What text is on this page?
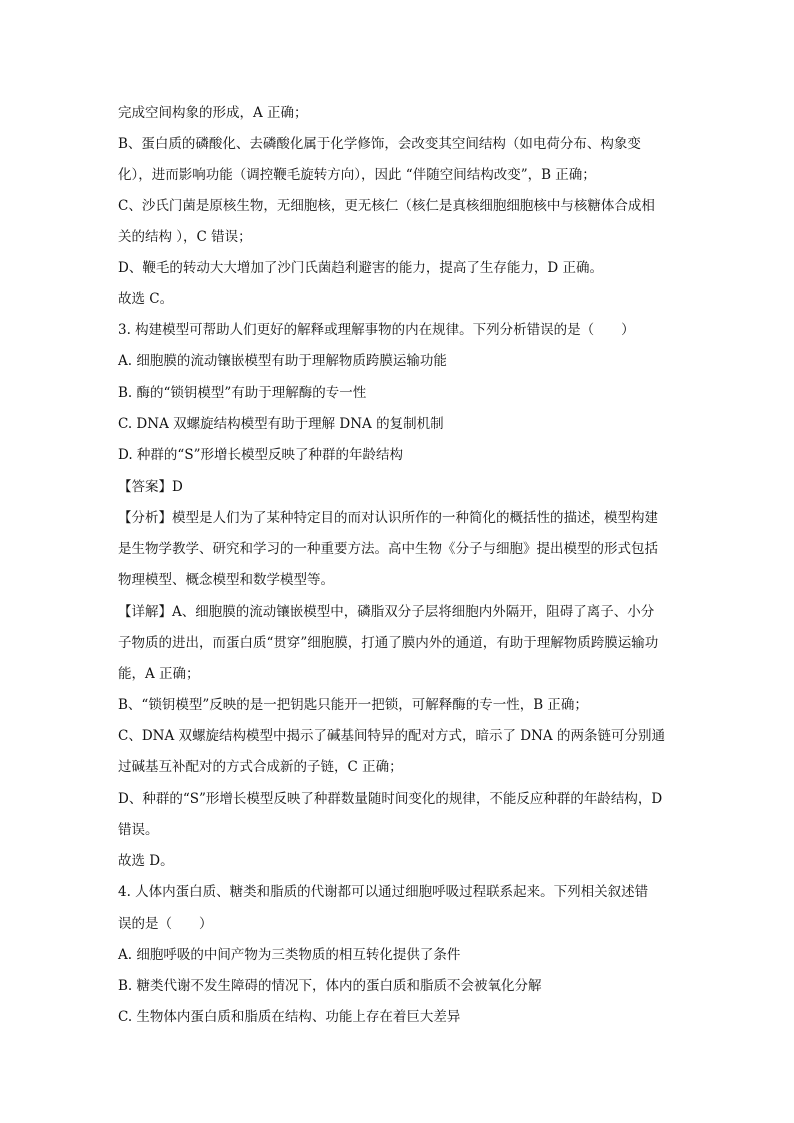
完成空间构象的形成，A 正确；
B、蛋白质的磷酸化、去磷酸化属于化学修饰，会改变其空间结构（如电荷分布、构象变
化），进而影响功能（调控鞭毛旋转方向），因此 “伴随空间结构改变”，B 正确；
C、沙氏门菌是原核生物，无细胞核，更无核仁（核仁是真核细胞细胞核中与核糖体合成相
关的结构 ），C 错误；
D、鞭毛的转动大大增加了沙门氏菌趋利避害的能力，提高了生存能力，D 正确。
故选 C。
3. 构建模型可帮助人们更好的解释或理解事物的内在规律。下列分析错误的是（　　）
A. 细胞膜的流动镶嵌模型有助于理解物质跨膜运输功能
B. 酶的“锁钥模型”有助于理解酶的专一性
C. DNA 双螺旋结构模型有助于理解 DNA 的复制机制
D. 种群的“S”形增长模型反映了种群的年龄结构
【答案】D
【分析】模型是人们为了某种特定目的而对认识所作的一种简化的概括性的描述，模型构建
是生物学教学、研究和学习的一种重要方法。高中生物《分子与细胞》提出模型的形式包括
物理模型、概念模型和数学模型等。
【详解】A、细胞膜的流动镶嵌模型中，磷脂双分子层将细胞内外隔开，阻碍了离子、小分
子物质的进出，而蛋白质“贯穿”细胞膜，打通了膜内外的通道，有助于理解物质跨膜运输功
能，A 正确；
B、“锁钥模型”反映的是一把钥匙只能开一把锁，可解释酶的专一性，B 正确；
C、DNA 双螺旋结构模型中揭示了碱基间特异的配对方式，暗示了 DNA 的两条链可分别通
过碱基互补配对的方式合成新的子链，C 正确；
D、种群的“S”形增长模型反映了种群数量随时间变化的规律，不能反应种群的年龄结构，D
错误。
故选 D。
4. 人体内蛋白质、糖类和脂质的代谢都可以通过细胞呼吸过程联系起来。下列相关叙述错
误的是（　　）
A. 细胞呼吸的中间产物为三类物质的相互转化提供了条件
B. 糖类代谢不发生障碍的情况下，体内的蛋白质和脂质不会被氧化分解
C. 生物体内蛋白质和脂质在结构、功能上存在着巨大差异
